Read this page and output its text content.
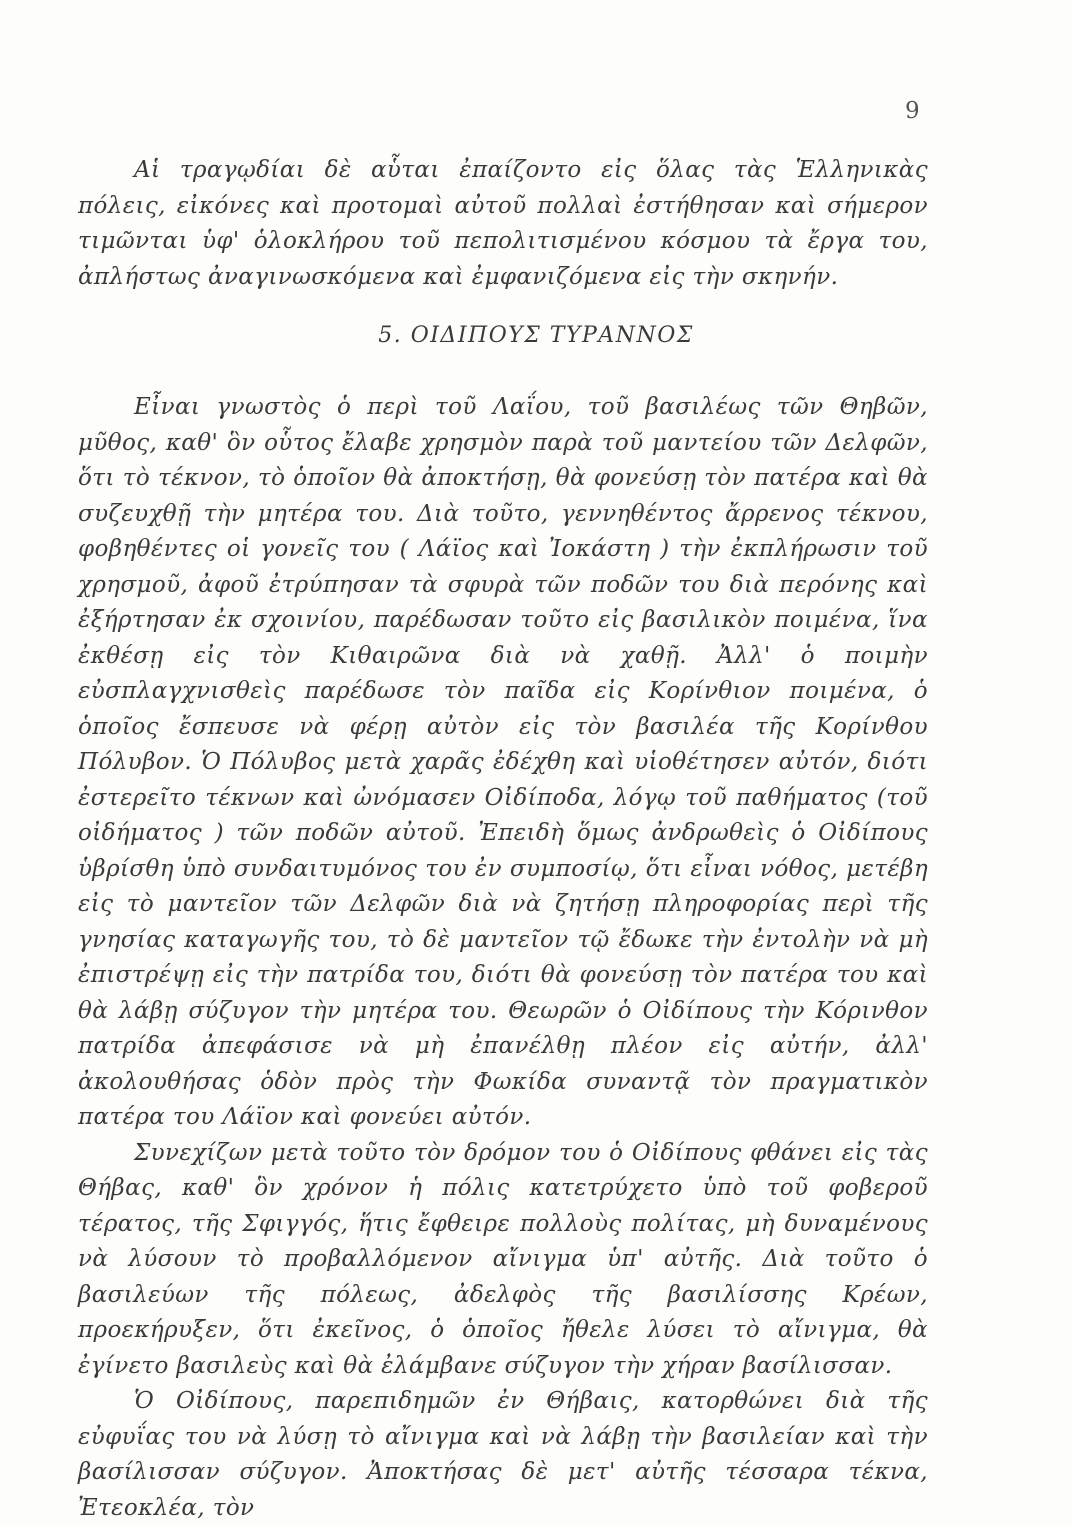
9

Αἱ τραγῳδίαι δὲ αὗται ἐπαίζοντο εἰς ὅλας τὰς Ἑλληνικὰς πόλεις, εἰκόνες καὶ προτομαὶ αὐτοῦ πολλαὶ ἐστήθησαν καὶ σήμερον τιμῶνται ὑφ' ὁλοκλήρου τοῦ πεπολιτισμένου κόσμου τὰ ἔργα του, ἀπλήστως ἀναγινωσκόμενα καὶ ἐμφανιζόμενα εἰς τὴν σκηνήν.

5. ΟΙΔΙΠΟΥΣ ΤΥΡΑΝΝΟΣ

Εἶναι γνωστὸς ὁ περὶ τοῦ Λαΐου, τοῦ βασιλέως τῶν Θηβῶν, μῦθος, καθ' ὃν οὗτος ἔλαβε χρησμὸν παρὰ τοῦ μαντείου τῶν Δελφῶν, ὅτι τὸ τέκνον, τὸ ὁποῖον θὰ ἀποκτήσῃ, θὰ φονεύσῃ τὸν πατέρα καὶ θὰ συζευχθῇ τὴν μητέρα του. Διὰ τοῦτο, γεννηθέντος ἄρρενος τέκνου, φοβηθέντες οἱ γονεῖς του ( Λάϊος καὶ Ἰοκάστη ) τὴν ἐκπλήρωσιν τοῦ χρησμοῦ, ἀφοῦ ἐτρύπησαν τὰ σφυρὰ τῶν ποδῶν του διὰ περόνης καὶ ἐξήρτησαν ἐκ σχοινίου, παρέδωσαν τοῦτο εἰς βασιλικὸν ποιμένα, ἵνα ἐκθέσῃ εἰς τὸν Κιθαιρῶνα διὰ νὰ χαθῇ. Ἀλλ' ὁ ποιμὴν εὐσπλαγχνισθεὶς παρέδωσε τὸν παῖδα εἰς Κορίνθιον ποιμένα, ὁ ὁποῖος ἔσπευσε νὰ φέρῃ αὐτὸν εἰς τὸν βασιλέα τῆς Κορίνθου Πόλυβον. Ὁ Πόλυβος μετὰ χαρᾶς ἐδέχθη καὶ υἱοθέτησεν αὐτόν, διότι ἐστερεῖτο τέκνων καὶ ὠνόμασεν Οἰδίποδα, λόγῳ τοῦ παθήματος (τοῦ οἰδήματος ) τῶν ποδῶν αὐτοῦ. Ἐπειδὴ ὅμως ἀνδρωθεὶς ὁ Οἰδίπους ὑβρίσθη ὑπὸ συνδαιτυμόνος του ἐν συμποσίῳ, ὅτι εἶναι νόθος, μετέβη εἰς τὸ μαντεῖον τῶν Δελφῶν διὰ νὰ ζητήσῃ πληροφορίας περὶ τῆς γνησίας καταγωγῆς του, τὸ δὲ μαντεῖον τῷ ἔδωκε τὴν ἐντολὴν νὰ μὴ ἐπιστρέψῃ εἰς τὴν πατρίδα του, διότι θὰ φονεύσῃ τὸν πατέρα του καὶ θὰ λάβῃ σύζυγον τὴν μητέρα του. Θεωρῶν ὁ Οἰδίπους τὴν Κόρινθον πατρίδα ἀπεφάσισε νὰ μὴ ἐπανέλθῃ πλέον εἰς αὐτήν, ἀλλ' ἀκολουθήσας ὁδὸν πρὸς τὴν Φωκίδα συναντᾷ τὸν πραγματικὸν πατέρα του Λάϊον καὶ φονεύει αὐτόν.

Συνεχίζων μετὰ τοῦτο τὸν δρόμον του ὁ Οἰδίπους φθάνει εἰς τὰς Θήβας, καθ' ὃν χρόνον ἡ πόλις κατετρύχετο ὑπὸ τοῦ φοβεροῦ τέρατος, τῆς Σφιγγός, ἥτις ἔφθειρε πολλοὺς πολίτας, μὴ δυναμένους νὰ λύσουν τὸ προβαλλόμενον αἴνιγμα ὑπ' αὐτῆς. Διὰ τοῦτο ὁ βασιλεύων τῆς πόλεως, ἀδελφὸς τῆς βασιλίσσης Κρέων, προεκήρυξεν, ὅτι ἐκεῖνος, ὁ ὁποῖος ἤθελε λύσει τὸ αἴνιγμα, θὰ ἐγίνετο βασιλεὺς καὶ θὰ ἐλάμβανε σύζυγον τὴν χήραν βασίλισσαν.

Ὁ Οἰδίπους, παρεπιδημῶν ἐν Θήβαις, κατορθώνει διὰ τῆς εὐφυΐας του νὰ λύσῃ τὸ αἴνιγμα καὶ νὰ λάβῃ τὴν βασιλείαν καὶ τὴν βασίλισσαν σύζυγον. Ἀποκτήσας δὲ μετ' αὐτῆς τέσσαρα τέκνα, Ἐτεοκλέα, τὸν
